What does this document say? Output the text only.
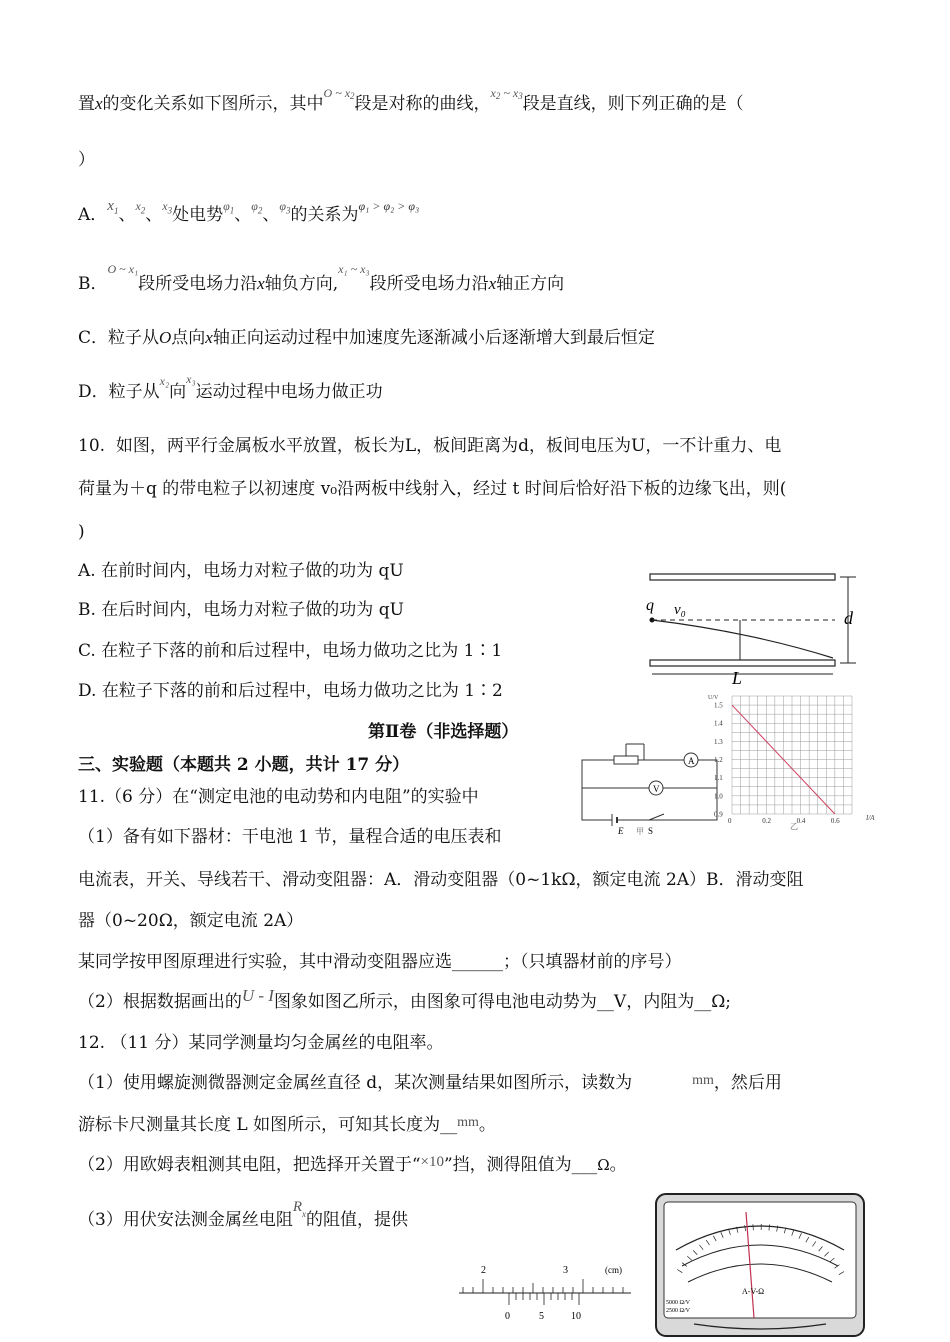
置x的变化关系如下图所示，其中$^{O \sim x}_2$段是对称的曲线，$^x_2$ $^{\sim x}_3$段是直线，则下列正确的是（
）
A．$x_1$、$^{x_2}$、$^{x_3}$处电势$^{\varphi_1}$、$^{\varphi_2}$、$^{\varphi_3}$的关系为$^{\varphi_1 > \varphi_2 > \varphi_3}$
B．$^{O \sim x_1}$段所受电场力沿x轴负方向,$^{x_1 \sim x_3}$段所受电场力沿x轴正方向
C．粒子从O点向x轴正向运动过程中加速度先逐渐减小后逐渐增大到最后恒定
D．粒子从$^{x_2}$向$^{x_3}$运动过程中电场力做正功
10. 如图，两平行金属板水平放置，板长为L，板间距离为d，板间电压为U，一不计重力、电
荷量为＋q 的带电粒子以初速度 v₀沿两板中线射入，经过 t 时间后恰好沿下板的边缘飞出，则(
)
A. 在前时间内，电场力对粒子做的功为 qU
B. 在后时间内，电场力对粒子做的功为 qU
C. 在粒子下落的前和后过程中，电场力做功之比为 1∶1
D. 在粒子下落的前和后过程中，电场力做功之比为 1∶2
q v₀	d
L
第Ⅱ卷（非选择题）
三、实验题（本题共 2 小题，共计 17 分）
11.（6 分）在“测定电池的电动势和内电阻”的实验中
（1）备有如下器材：干电池 1 节，量程合适的电压表和
电流表，开关、导线若干、滑动变阻器：A．滑动变阻器（0~1kΩ，额定电流 2A）B．滑动变阻
器（0~20Ω，额定电流 2A）
某同学按甲图原理进行实验，其中滑动变阻器应选______；（只填器材前的序号）
（2）根据数据画出的U - I图象如图乙所示，由图象可得电池电动势为__V，内阻为__Ω;
A
V
E	S
甲
0.9
1.0
1.1
1.2
1.3
1.4
1.5
0	0.2	0.4	0.6
U/V
I/A
乙
12. （11 分）某同学测量均匀金属丝的电阻率。
（1）使用螺旋测微器测定金属丝直径 d，某次测量结果如图所示，读数为	$^{mm}$，然后用
游标卡尺测量其长度 L 如图所示，可知其长度为__$^{mm}$。
（2）用欧姆表粗测其电阻，把选择开关置于“×10”挡，测得阻值为___Ω。
（3）用伏安法测金属丝电阻$R_x$的阻值，提供
2	3	(cm)
0	5	10
A-V-Ω
5000 Ω/V
2500 Ω/V
